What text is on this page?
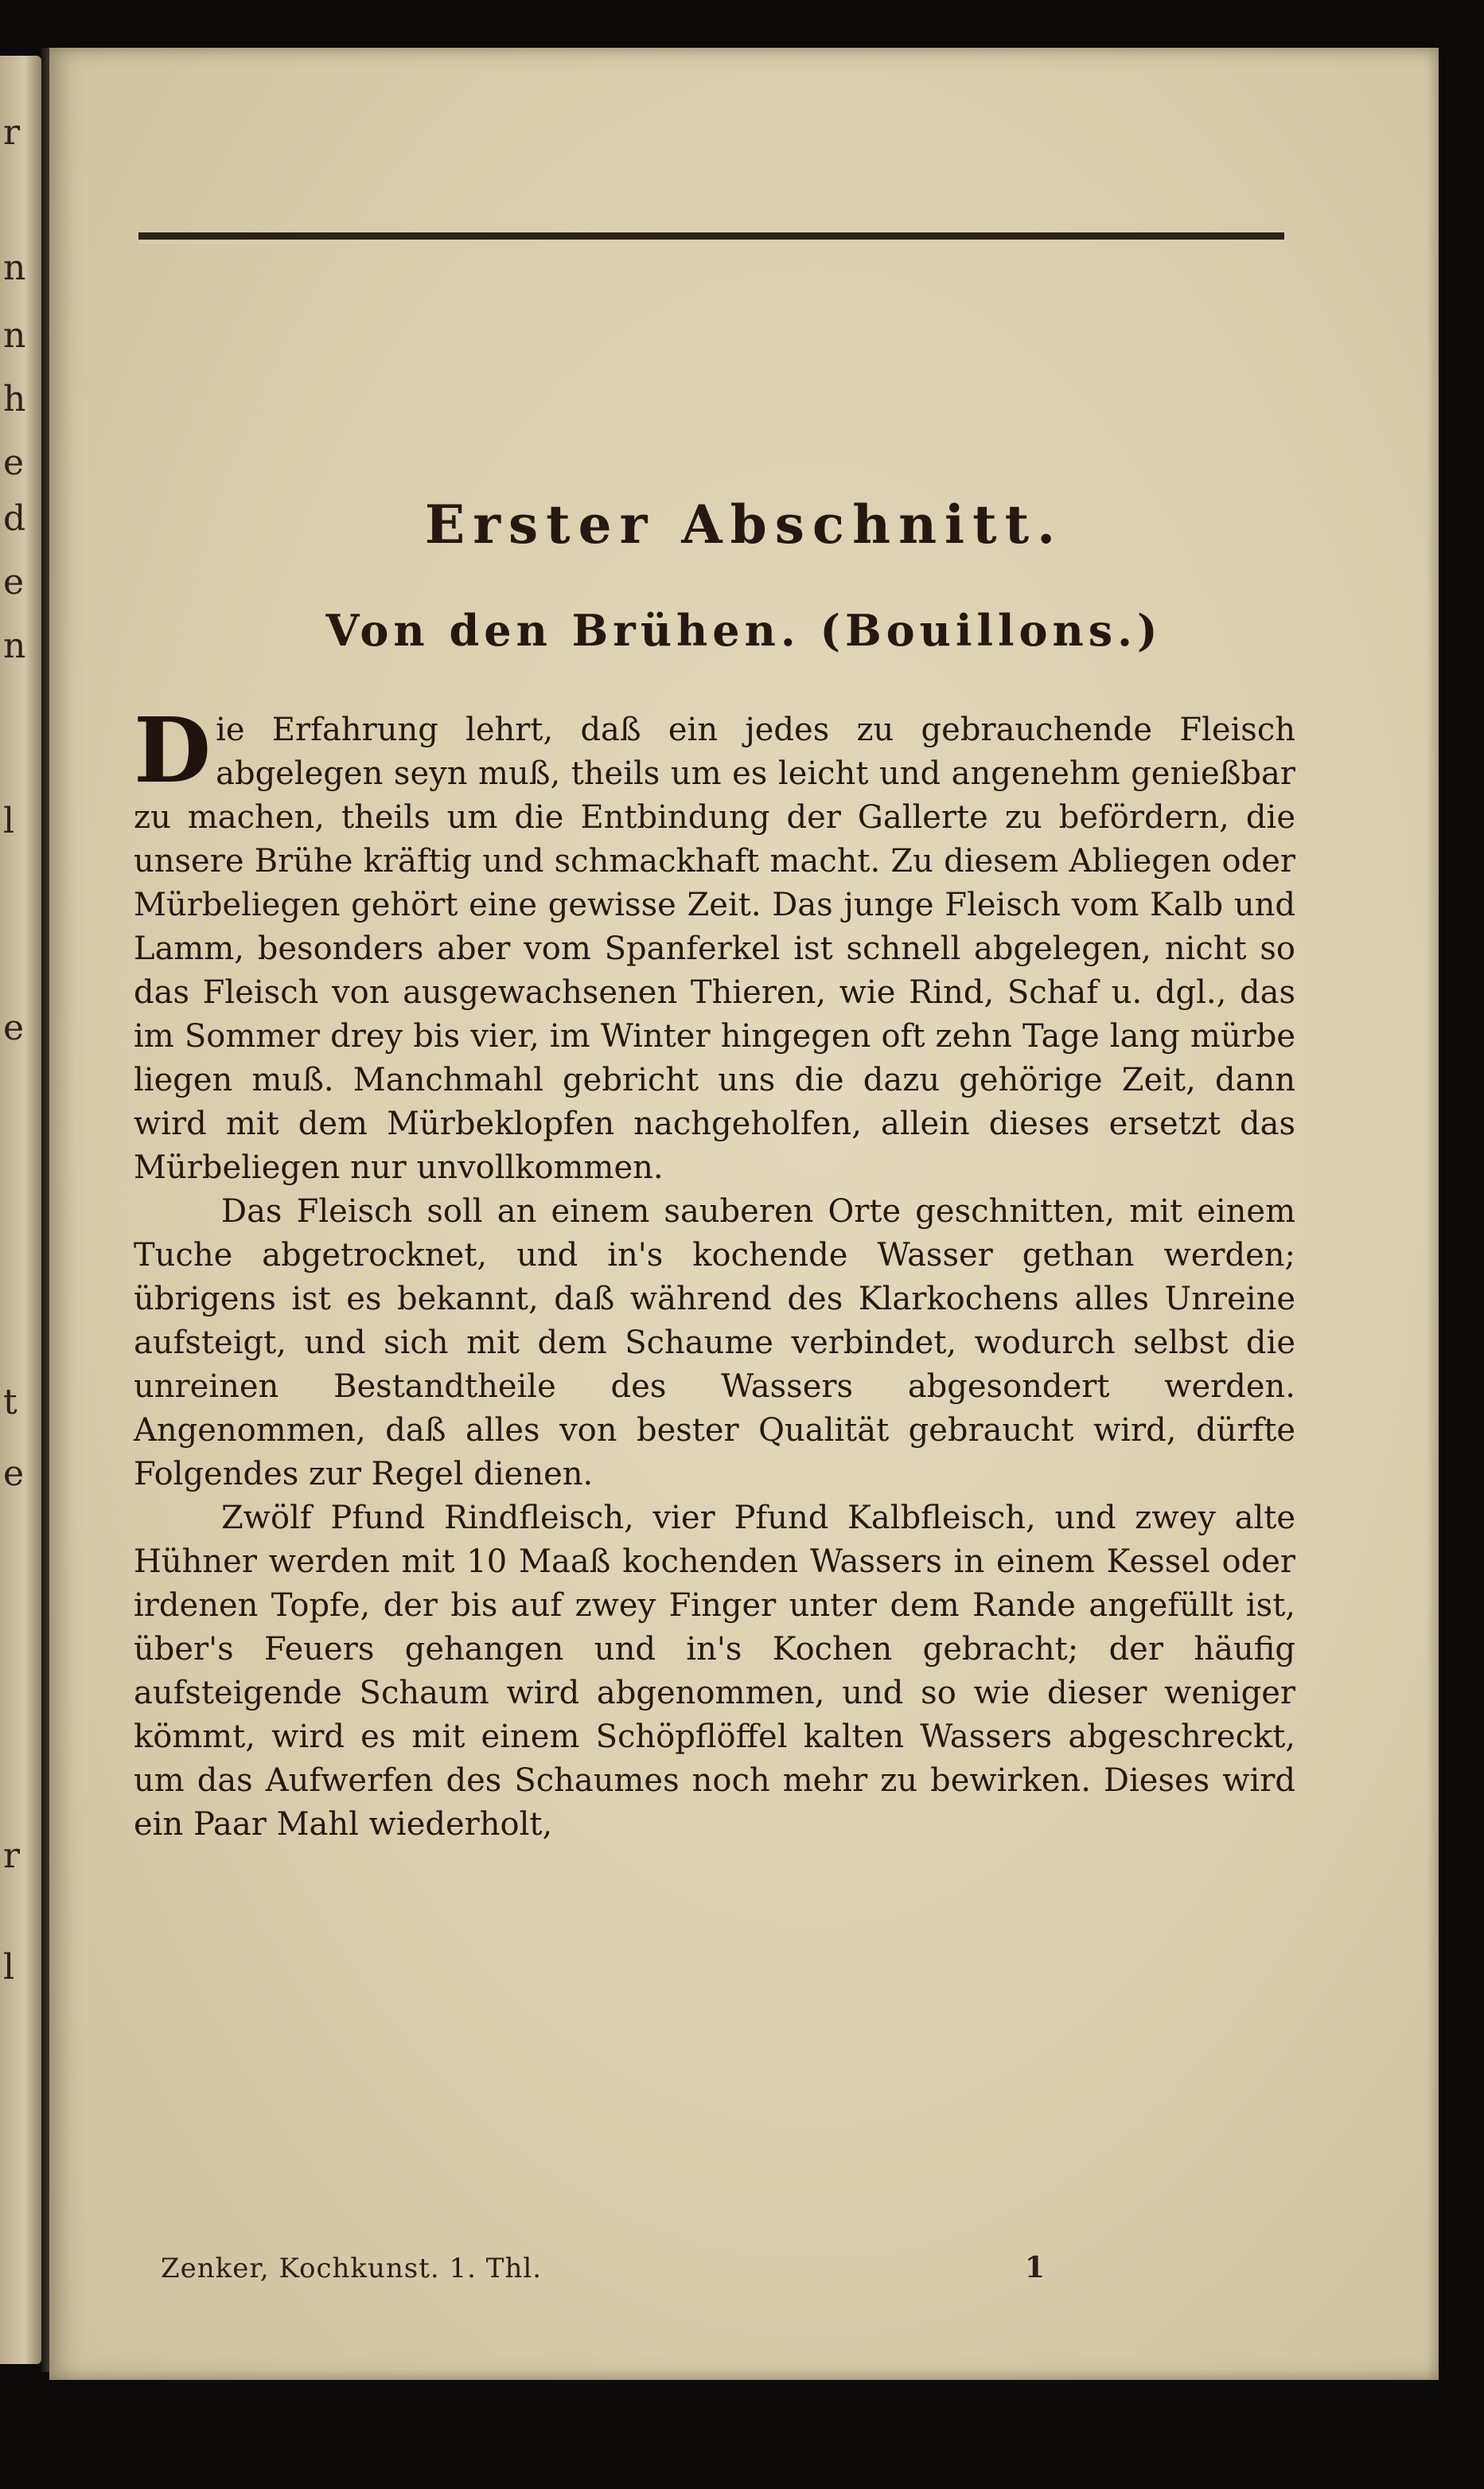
r
n
n
h
e
d
e
n
l
e
t
e
r
l
Erster Abschnitt.
Von den Brühen. (Bouillons.)

Die Erfahrung lehrt, daß ein jedes zu gebrauchende Fleisch abgelegen seyn muß, theils um es leicht und angenehm genießbar zu machen, theils um die Entbindung der Gallerte zu befördern, die unsere Brühe kräftig und schmackhaft macht. Zu diesem Abliegen oder Mürbeliegen gehört eine gewisse Zeit. Das junge Fleisch vom Kalb und Lamm, besonders aber vom Spanferkel ist schnell abgelegen, nicht so das Fleisch von ausgewachsenen Thieren, wie Rind, Schaf u. dgl., das im Sommer drey bis vier, im Winter hingegen oft zehn Tage lang mürbe liegen muß. Manchmahl gebricht uns die dazu gehörige Zeit, dann wird mit dem Mürbeklopfen nachgeholfen, allein dieses ersetzt das Mürbeliegen nur unvollkommen.

Das Fleisch soll an einem sauberen Orte geschnitten, mit einem Tuche abgetrocknet, und in's kochende Wasser gethan werden; übrigens ist es bekannt, daß während des Klarkochens alles Unreine aufsteigt, und sich mit dem Schaume verbindet, wodurch selbst die unreinen Bestandtheile des Wassers abgesondert werden. Angenommen, daß alles von bester Qualität gebraucht wird, dürfte Folgendes zur Regel dienen.

Zwölf Pfund Rindfleisch, vier Pfund Kalbfleisch, und zwey alte Hühner werden mit 10 Maaß kochenden Wassers in einem Kessel oder irdenen Topfe, der bis auf zwey Finger unter dem Rande angefüllt ist, über's Feuers gehangen und in's Kochen gebracht; der häufig aufsteigende Schaum wird abgenommen, und so wie dieser weniger kömmt, wird es mit einem Schöpflöffel kalten Wassers abgeschreckt, um das Aufwerfen des Schaumes noch mehr zu bewirken. Dieses wird ein Paar Mahl wiederholt,

Zenker, Kochkunst. 1. Thl.	1
